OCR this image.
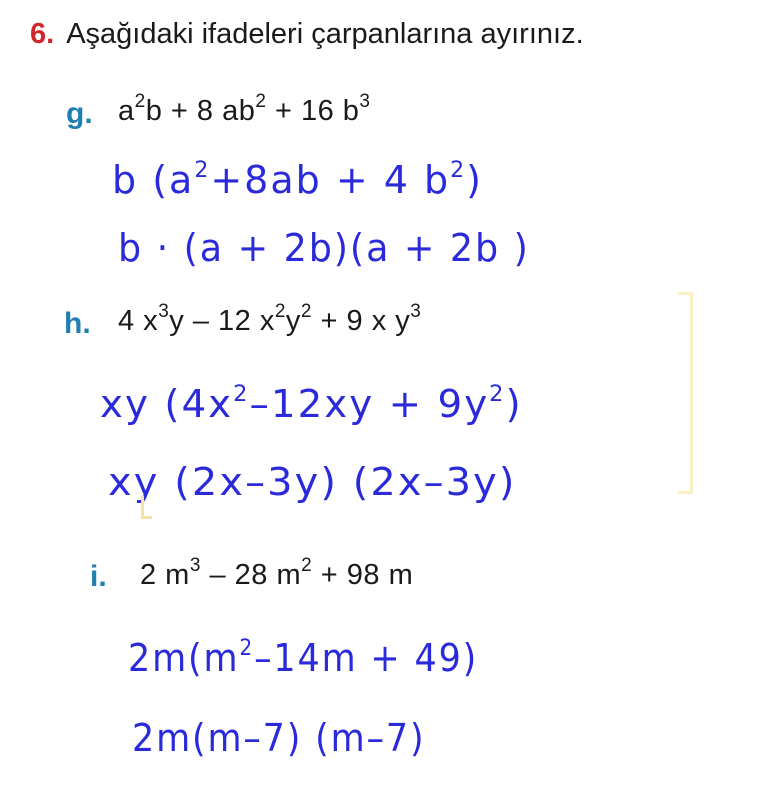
6. Aşağıdaki ifadeleri çarpanlarına ayırınız.
g. $a^2b + 8$ $ab^2 + 16$ $b^3$
b ($a^2+8ab + 4$ $b^2$)
b · (a + 2b)(a + 2b )
h. 4 $x^3y - 12$ $x^2y^2 + 9$ x $y^3$
xy $(4x^2-12xy + 9y^2)$
xy (2x–3y) (2x–3y)
i. 2 $m^3 - 28$ $m^2 + 98$ m
$2m(m^2-14m + 49)$
2m(m–7) (m–7)
